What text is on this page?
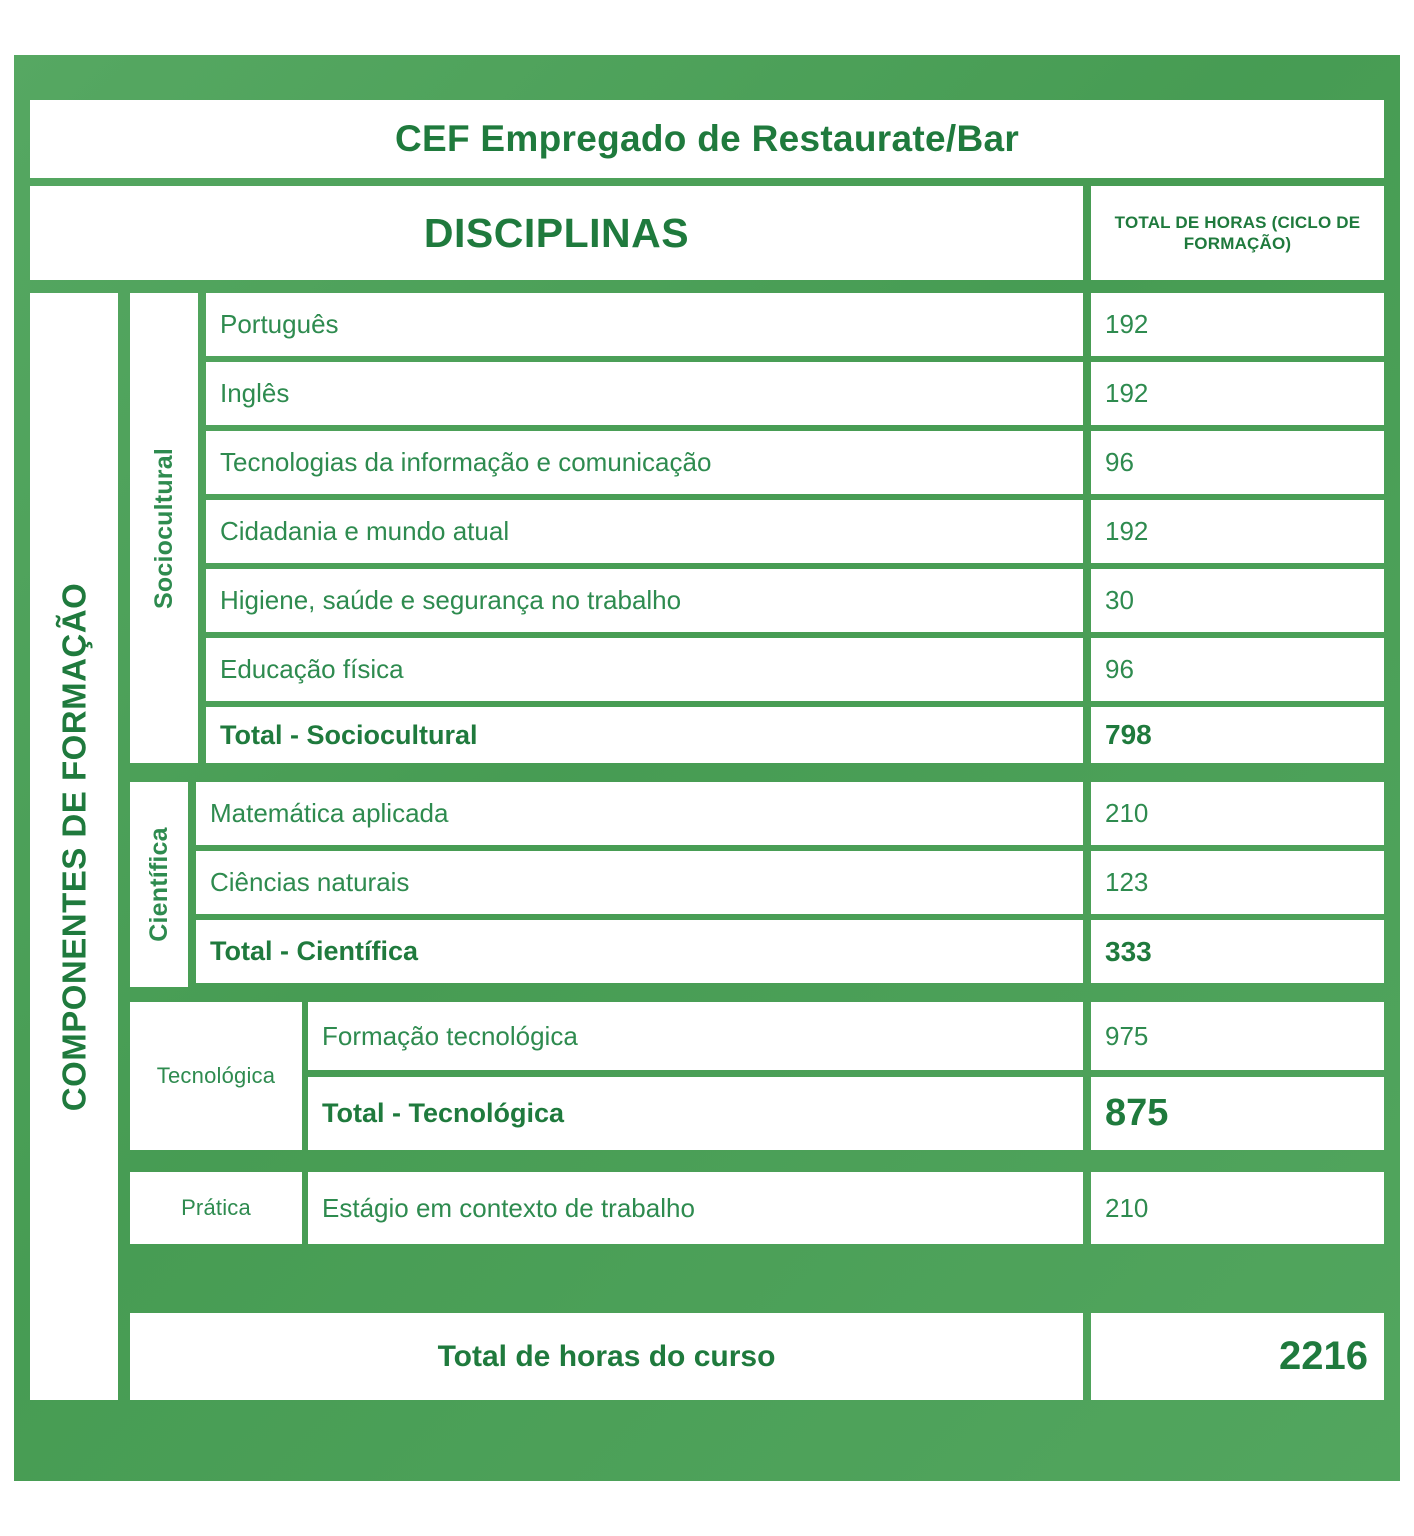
CEF Empregado de Restaurate/Bar
DISCIPLINAS	TOTAL DE HORAS (CICLO DE FORMAÇÃO)
COMPONENTES DE FORMAÇÃO
Sociocultural
Português	192
Inglês	192
Tecnologias da informação e comunicação	96
Cidadania e mundo atual	192
Higiene, saúde e segurança no trabalho	30
Educação física	96
Total - Sociocultural	798
Científica
Matemática aplicada	210
Ciências naturais	123
Total - Científica	333
Tecnológica
Formação tecnológica	975
Total - Tecnológica	875
Prática	Estágio em contexto de trabalho	210
Total de horas do curso	2216
